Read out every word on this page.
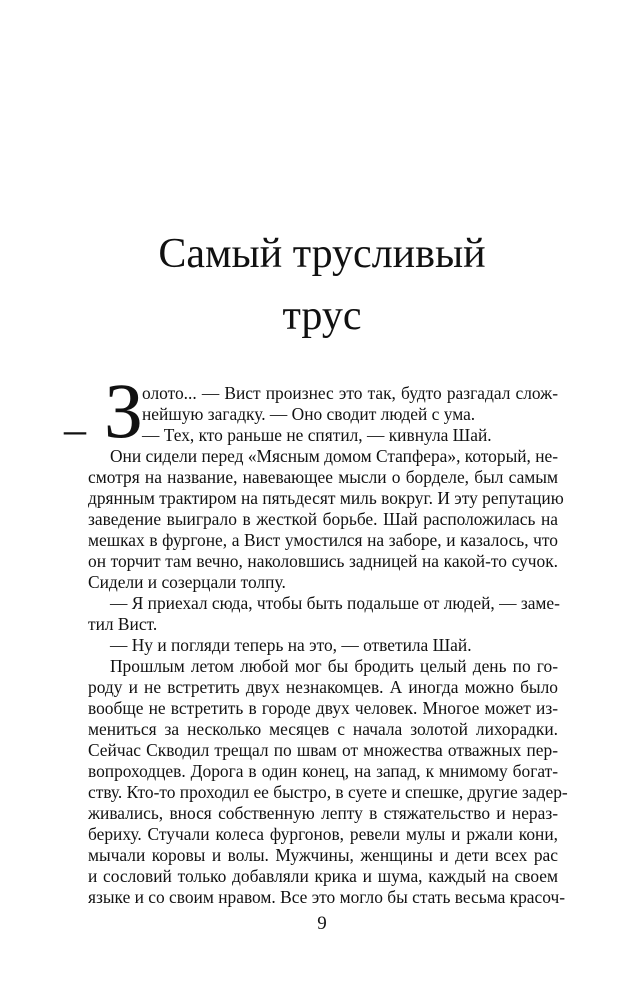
Самый трусливый
трус
– З
олото... — Вист произнес это так, будто разгадал слож-
нейшую загадку. — Оно сводит людей с ума.
— Тех, кто раньше не спятил, — кивнула Шай.
Они сидели перед «Мясным домом Стапфера», который, не-
смотря на название, навевающее мысли о борделе, был самым
дрянным трактиром на пятьдесят миль вокруг. И эту репутацию
заведение выиграло в жесткой борьбе. Шай расположилась на
мешках в фургоне, а Вист умостился на заборе, и казалось, что
он торчит там вечно, наколовшись задницей на какой-то сучок.
Сидели и созерцали толпу.
— Я приехал сюда, чтобы быть подальше от людей, — заме-
тил Вист.
— Ну и погляди теперь на это, — ответила Шай.
Прошлым летом любой мог бы бродить целый день по го-
роду и не встретить двух незнакомцев. А иногда можно было
вообще не встретить в городе двух человек. Многое может из-
мениться за несколько месяцев с начала золотой лихорадки.
Сейчас Скводил трещал по швам от множества отважных пер-
вопроходцев. Дорога в один конец, на запад, к мнимому богат-
ству. Кто-то проходил ее быстро, в суете и спешке, другие задер-
живались, внося собственную лепту в стяжательство и нераз-
бериху. Стучали колеса фургонов, ревели мулы и ржали кони,
мычали коровы и волы. Мужчины, женщины и дети всех рас
и сословий только добавляли крика и шума, каждый на своем
языке и со своим нравом. Все это могло бы стать весьма красоч-
9
